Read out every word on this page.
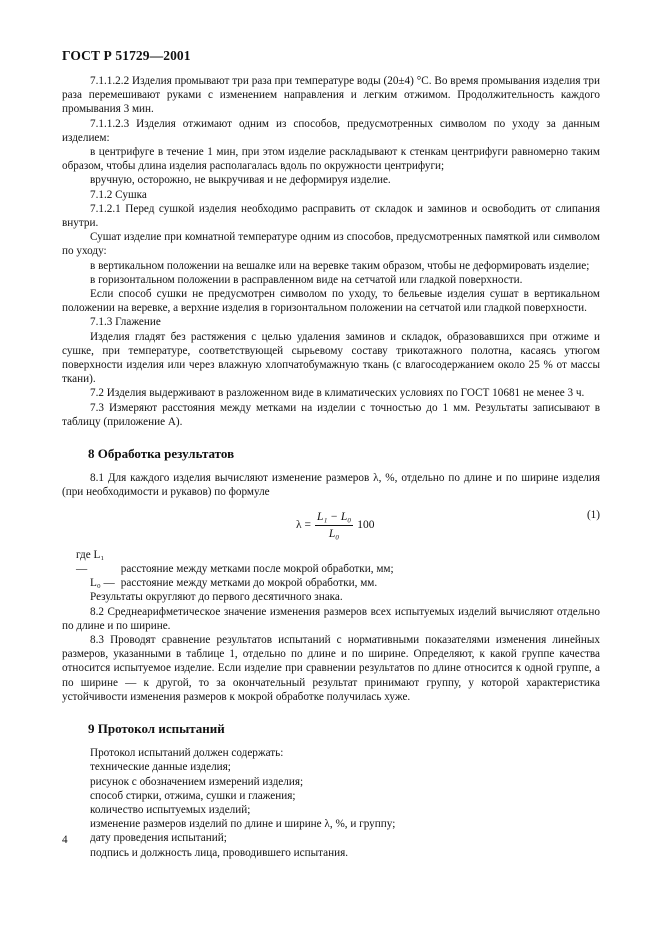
ГОСТ Р 51729—2001

7.1.1.2.2 Изделия промывают три раза при температуре воды (20±4) °С. Во время промывания изделия три раза перемешивают руками с изменением направления и легким отжимом. Продолжительность каждого промывания 3 мин.

7.1.1.2.3 Изделия отжимают одним из способов, предусмотренных символом по уходу за данным изделием:

в центрифуге в течение 1 мин, при этом изделие раскладывают к стенкам центрифуги равномерно таким образом, чтобы длина изделия располагалась вдоль по окружности центрифуги;

вручную, осторожно, не выкручивая и не деформируя изделие.

7.1.2 Сушка

7.1.2.1 Перед сушкой изделия необходимо расправить от складок и заминов и освободить от слипания внутри.

Сушат изделие при комнатной температуре одним из способов, предусмотренных памяткой или символом по уходу:

в вертикальном положении на вешалке или на веревке таким образом, чтобы не деформировать изделие;

в горизонтальном положении в расправленном виде на сетчатой или гладкой поверхности.

Если способ сушки не предусмотрен символом по уходу, то бельевые изделия сушат в вертикальном положении на веревке, а верхние изделия в горизонтальном положении на сетчатой или гладкой поверхности.

7.1.3 Глажение

Изделия гладят без растяжения с целью удаления заминов и складок, образовавшихся при отжиме и сушке, при температуре, соответствующей сырьевому составу трикотажного полотна, касаясь утюгом поверхности изделия или через влажную хлопчатобумажную ткань (с влагосодержанием около 25 % от массы ткани).

7.2 Изделия выдерживают в разложенном виде в климатических условиях по ГОСТ 10681 не менее 3 ч.

7.3 Измеряют расстояния между метками на изделии с точностью до 1 мм. Результаты записывают в таблицу (приложение А).

8 Обработка результатов

8.1 Для каждого изделия вычисляют изменение размеров λ, %, отдельно по длине и по ширине изделия (при необходимости и рукавов) по формуле

$\lambda = \frac{\text{L₁ − L₀}}{\text{L₀}} 100$
(1)

где L₁ —	расстояние между метками после мокрой обработки, мм;

L₀ — расстояние между метками до мокрой обработки, мм.

Результаты округляют до первого десятичного знака.

8.2 Среднеарифметическое значение изменения размеров всех испытуемых изделий вычисляют отдельно по длине и по ширине.

8.3 Проводят сравнение результатов испытаний с нормативными показателями изменения линейных размеров, указанными в таблице 1, отдельно по длине и по ширине. Определяют, к какой группе качества относится испытуемое изделие. Если изделие при сравнении результатов по длине относится к одной группе, а по ширине — к другой, то за окончательный результат принимают группу, у которой характеристика устойчивости изменения размеров к мокрой обработке получилась хуже.

9 Протокол испытаний

Протокол испытаний должен содержать:

технические данные изделия;

рисунок с обозначением измерений изделия;

способ стирки, отжима, сушки и глажения;

количество испытуемых изделий;

изменение размеров изделий по длине и ширине λ, %, и группу;

дату проведения испытаний;

подпись и должность лица, проводившего испытания.

4
